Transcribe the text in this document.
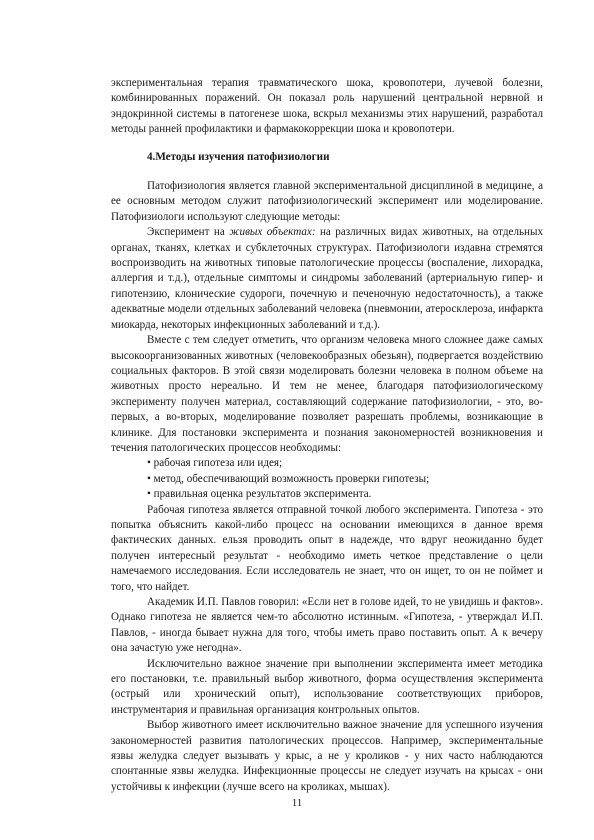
экспериментальная терапия травматического шока, кровопотери, лучевой болезни, комбинированных поражений. Он показал роль нарушений центральной нервной и эндокринной системы в патогенезе шока, вскрыл механизмы этих нарушений, разработал методы ранней профилактики и фармакокоррекции шока и кровопотери.

4.Методы изучения патофизиологии

Патофизиология является главной экспериментальной дисциплиной в медицине, а ее основным методом служит патофизиологический эксперимент или моделирование. Патофизиологи используют следующие методы:

Эксперимент на живых объектах: на различных видах животных, на отдельных органах, тканях, клетках и субклеточных структурах. Патофизиологи издавна стремятся воспроизводить на животных типовые патологические процессы (воспаление, лихорадка, аллергия и т.д.), отдельные симптомы и синдромы заболеваний (артериальную гипер- и гипотензию, клонические судороги, почечную и печеночную недостаточность), а также адекватные модели отдельных заболеваний человека (пневмонии, атеросклероза, инфаркта миокарда, некоторых инфекционных заболеваний и т.д.).

Вместе с тем следует отметить, что организм человека много сложнее даже самых высокоорганизованных животных (человекообразных обезьян), подвергается воздействию социальных факторов. В этой связи моделировать болезни человека в полном объеме на животных просто нереально. И тем не менее, благодаря патофизиологическому эксперименту получен материал, составляющий содержание патофизиологии, - это, во-первых, а во-вторых, моделирование позволяет разрешать проблемы, возникающие в клинике. Для постановки эксперимента и познания закономерностей возникновения и течения патологических процессов необходимы:

• рабочая гипотеза или идея;

• метод, обеспечивающий возможность проверки гипотезы;

• правильная оценка результатов эксперимента.

Рабочая гипотеза является отправной точкой любого эксперимента. Гипотеза - это попытка объяснить какой-либо процесс на основании имеющихся в данное время фактических данных. ельзя проводить опыт в надежде, что вдруг неожиданно будет получен интересный результат - необходимо иметь четкое представление о цели намечаемого исследования. Если исследователь не знает, что он ищет, то он не поймет и того, что найдет.

Академик И.П. Павлов говорил: «Если нет в голове идей, то не увидишь и фактов». Однако гипотеза не является чем-то абсолютно истинным. «Гипотеза, - утверждал И.П. Павлов, - иногда бывает нужна для того, чтобы иметь право поставить опыт. А к вечеру она зачастую уже негодна».

Исключительно важное значение при выполнении эксперимента имеет методика его постановки, т.е. правильный выбор животного, форма осуществления эксперимента (острый или хронический опыт), использование соответствующих приборов, инструментария и правильная организация контрольных опытов.

Выбор животного имеет исключительно важное значение для успешного изучения закономерностей развития патологических процессов. Например, экспериментальные язвы желудка следует вызывать у крыс, а не у кроликов - у них часто наблюдаются спонтанные язвы желудка. Инфекционные процессы не следует изучать на крысах - они устойчивы к инфекции (лучше всего на кроликах, мышах).

11
